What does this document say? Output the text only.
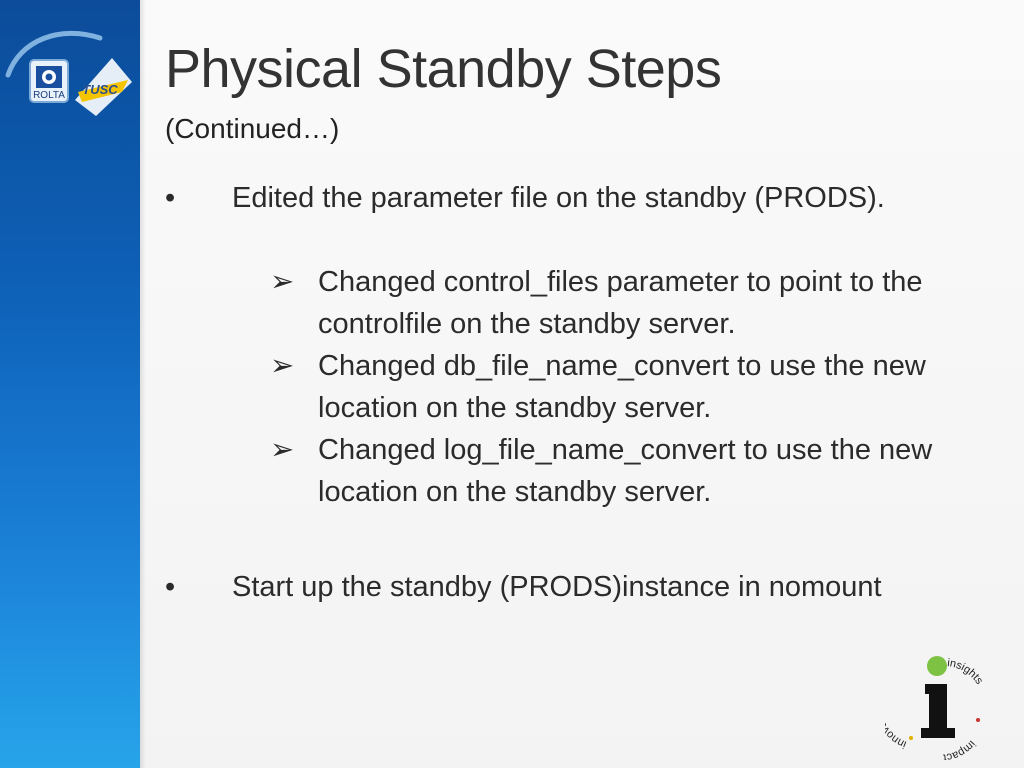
ROLTA TUSC Physical Standby Steps
(Continued…)
•	Edited the parameter file on the standby (PRODS).
➢ Changed control_files parameter to point to the controlfile on the standby server.
➢ Changed db_file_name_convert to use the new location on the standby server.
➢ Changed log_file_name_convert to use the new location on the standby server.
•	Start up the standby (PRODS)instance in nomount
inn
insights
impact
